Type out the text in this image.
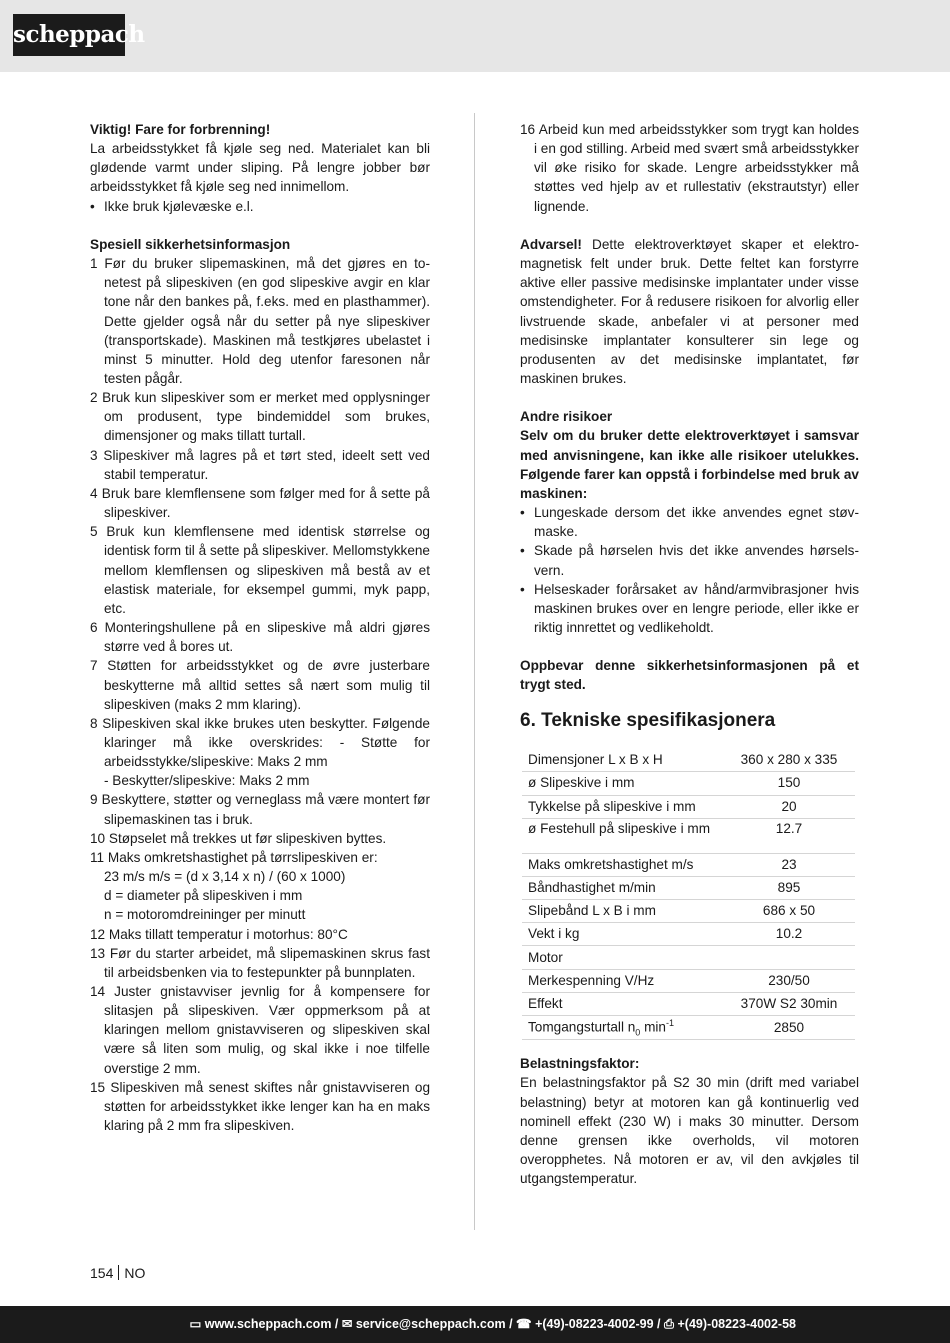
scheppach

Viktig! Fare for forbrenning!

La arbeidsstykket få kjøle seg ned. Materialet kan bli glødende varmt under sliping. På lengre jobber bør arbeidsstykket få kjøle seg ned innimellom.

• Ikke bruk kjølevæske e.l.

Spesiell sikkerhetsinformasjon

1 Før du bruker slipemaskinen, må det gjøres en tonetest på slipeskiven (en god slipeskive avgir en klar tone når den bankes på, f.eks. med en plasthammer). Dette gjelder også når du setter på nye slipeskiver (transportskade). Maskinen må testkjøres ubelastet i minst 5 minutter. Hold deg utenfor faresonen når testen pågår.

2 Bruk kun slipeskiver som er merket med opplysninger om produsent, type bindemiddel som brukes, dimensjoner og maks tillatt turtall.

3 Slipeskiver må lagres på et tørt sted, ideelt sett ved stabil temperatur.

4 Bruk bare klemflensene som følger med for å sette på slipeskiver.

5 Bruk kun klemflensene med identisk størrelse og identisk form til å sette på slipeskiver. Mellomstykkene mellom klemflensen og slipeskiven må bestå av et elastisk materiale, for eksempel gummi, myk papp, etc.

6 Monteringshullene på en slipeskive må aldri gjøres større ved å bores ut.

7 Støtten for arbeidsstykket og de øvre justerbare beskytterne må alltid settes så nært som mulig til slipeskiven (maks 2 mm klaring).

8 Slipeskiven skal ikke brukes uten beskytter. Følgende klaringer må ikke overskrides: - Støtte for arbeidsstykke/slipeskive: Maks 2 mm

- Beskytter/slipeskive: Maks 2 mm

9 Beskyttere, støtter og verneglass må være montert før slipemaskinen tas i bruk.

10 Støpselet må trekkes ut før slipeskiven byttes.

11 Maks omkretshastighet på tørrslipeskiven er:

23 m/s m/s = (d x 3,14 x n) / (60 x 1000)

d = diameter på slipeskiven i mm

n = motoromdreininger per minutt

12 Maks tillatt temperatur i motorhus: 80°C

13 Før du starter arbeidet, må slipemaskinen skrus fast til arbeidsbenken via to festepunkter på bunnplaten.

14 Juster gnistavviser jevnlig for å kompensere for slitasjen på slipeskiven. Vær oppmerksom på at klaringen mellom gnistavviseren og slipeskiven skal være så liten som mulig, og skal ikke i noe tilfelle overstige 2 mm.

15 Slipeskiven må senest skiftes når gnistavviseren og støtten for arbeidsstykket ikke lenger kan ha en maks klaring på 2 mm fra slipeskiven.

16 Arbeid kun med arbeidsstykker som trygt kan holdes i en god stilling. Arbeid med svært små arbeidsstykker vil øke risiko for skade. Lengre arbeidsstykker må støttes ved hjelp av et rullestativ (ekstrautstyr) eller lignende.

Advarsel! Dette elektroverktøyet skaper et elektromagnetisk felt under bruk. Dette feltet kan forstyrre aktive eller passive medisinske implantater under visse omstendigheter. For å redusere risikoen for alvorlig eller livstruende skade, anbefaler vi at personer med medisinske implantater konsulterer sin lege og produsenten av det medisinske implantatet, før maskinen brukes.

Andre risikoer

Selv om du bruker dette elektroverktøyet i samsvar med anvisningene, kan ikke alle risikoer utelukkes. Følgende farer kan oppstå i forbindelse med bruk av maskinen:

• Lungeskade dersom det ikke anvendes egnet støvmaske.
• Skade på hørselen hvis det ikke anvendes hørselsvern.
• Helseskader forårsaket av hånd/armvibrasjoner hvis maskinen brukes over en lengre periode, eller ikke er riktig innrettet og vedlikeholdt.

Oppbevar denne sikkerhetsinformasjonen på et trygt sted.

6. Tekniske spesifikasjonera
Dimensjoner L x B x H	360 x 280 x 335
ø Slipeskive i mm	150
Tykkelse på slipeskive i mm	20
ø Festehull på slipeskive i mm	12.7
Maks omkretshastighet m/s	23
Båndhastighet m/min	895
Slipebånd L x B i mm	686 x 50
Vekt i kg	10.2
Motor	
Merkespenning V/Hz	230/50
Effekt	370W S2 30min
Tomgangsturtall $n_0$ $\min^{-1}$	2850

Belastningsfaktor:

En belastningsfaktor på S2 30 min (drift med variabel belastning) betyr at motoren kan gå kontinuerlig ved nominell effekt (230 W) i maks 30 minutter. Dersom denne grensen ikke overholds, vil motoren overopphetes. Nå motoren er av, vil den avkjøles til utgangstemperatur.

154 NO
▭ www.scheppach.com / ✉ service@scheppach.com / ☎ +(49)-08223-4002-99 / ⎙ +(49)-08223-4002-58
